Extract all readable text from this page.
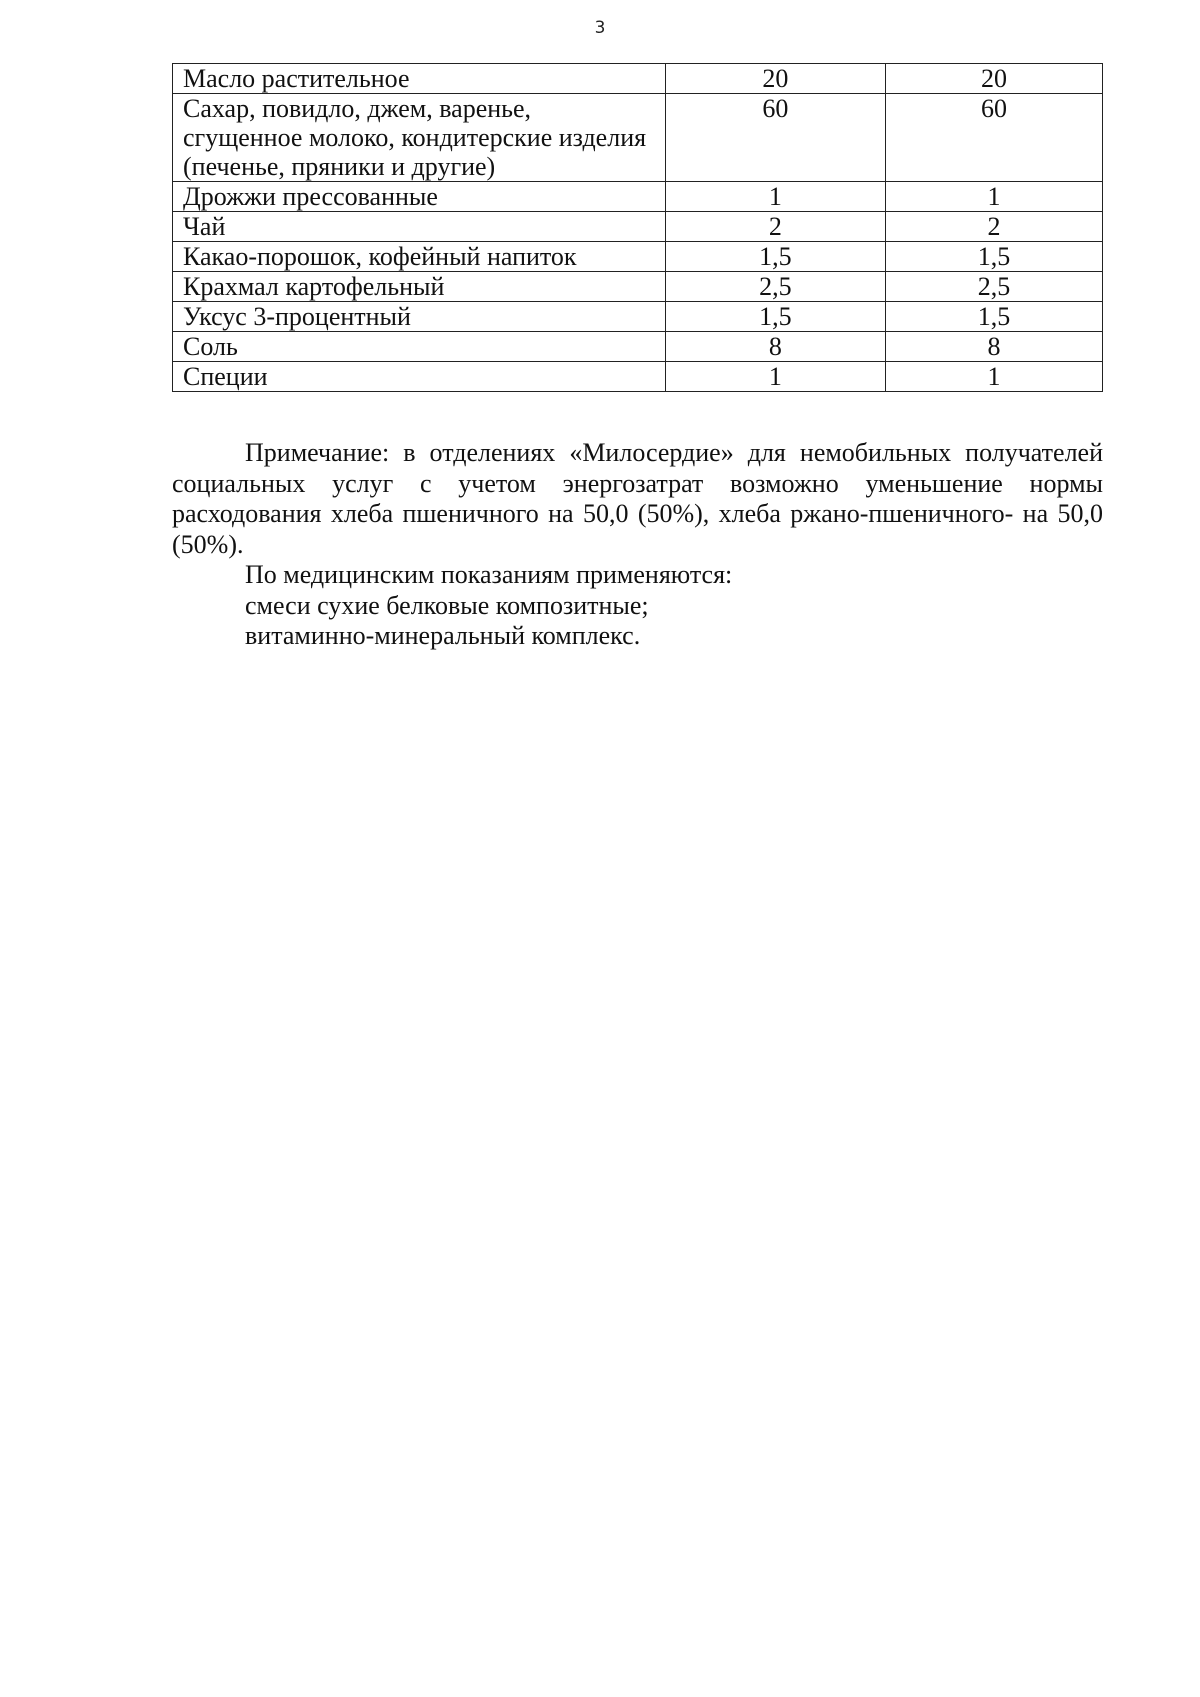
3
Масло растительное	20	20
Сахар, повидло, джем, варенье, сгущенное молоко, кондитерские изделия (печенье, пряники и другие)	60	60
Дрожжи прессованные	1	1
Чай	2	2
Какао-порошок, кофейный напиток	1,5	1,5
Крахмал картофельный	2,5	2,5
Уксус 3-процентный	1,5	1,5
Соль	8	8
Специи	1	1

Примечание: в отделениях «Милосердие» для немобильных получателей социальных услуг с учетом энергозатрат возможно уменьшение нормы расходования хлеба пшеничного на 50,0 (50%), хлеба ржано-пшеничного- на 50,0 (50%).

По медицинским показаниям применяются:

смеси сухие белковые композитные;

витаминно-минеральный комплекс.
